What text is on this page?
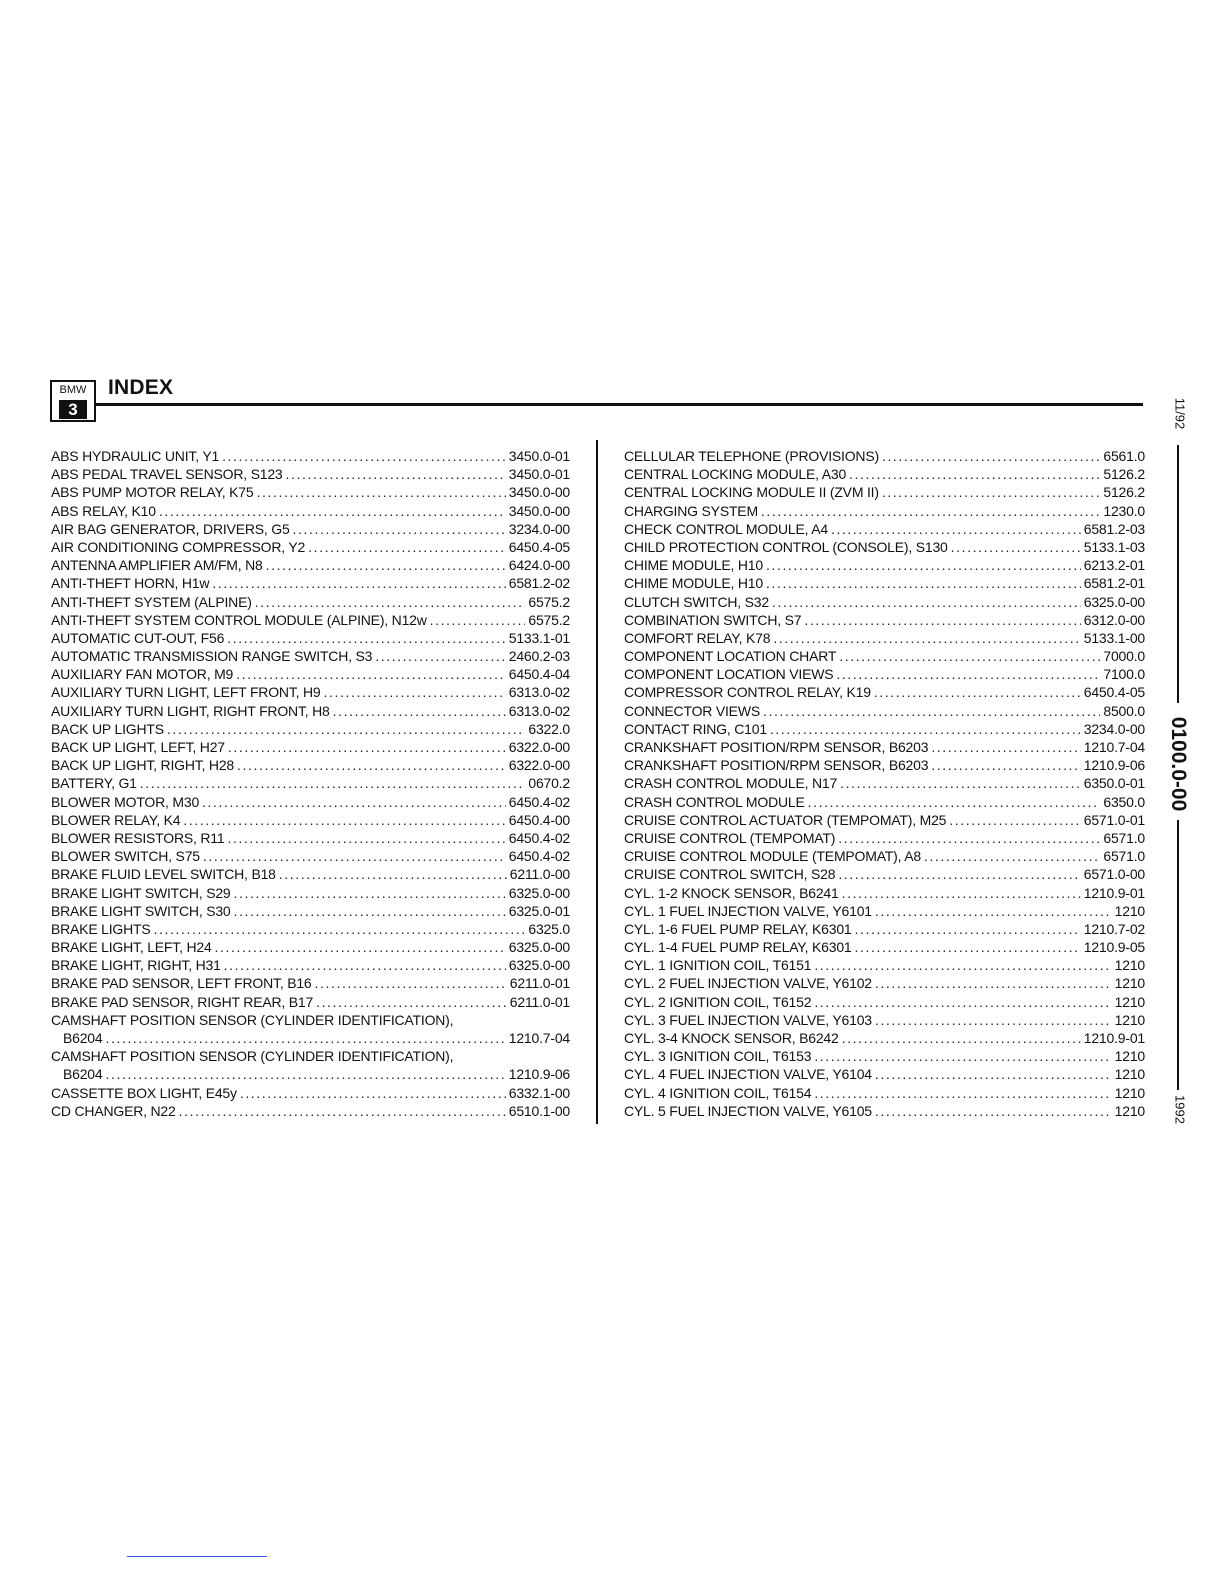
BMW
3
INDEX
ABS HYDRAULIC UNIT, Y1 .....	3450.0-01
ABS PEDAL TRAVEL SENSOR, S123 .....	3450.0-01
ABS PUMP MOTOR RELAY, K75 .....	3450.0-00
ABS RELAY, K10 .....	3450.0-00
AIR BAG GENERATOR, DRIVERS, G5 .....	3234.0-00
AIR CONDITIONING COMPRESSOR, Y2 .....	6450.4-05
ANTENNA AMPLIFIER AM/FM, N8 .....	6424.0-00
ANTI-THEFT HORN, H1w .....	6581.2-02
ANTI-THEFT SYSTEM (ALPINE) .....	6575.2
ANTI-THEFT SYSTEM CONTROL MODULE (ALPINE), N12w .....	6575.2
AUTOMATIC CUT-OUT, F56 .....	5133.1-01
AUTOMATIC TRANSMISSION RANGE SWITCH, S3 .....	2460.2-03
AUXILIARY FAN MOTOR, M9 .....	6450.4-04
AUXILIARY TURN LIGHT, LEFT FRONT, H9 .....	6313.0-02
AUXILIARY TURN LIGHT, RIGHT FRONT, H8 .....	6313.0-02
BACK UP LIGHTS .....	6322.0
BACK UP LIGHT, LEFT, H27 .....	6322.0-00
BACK UP LIGHT, RIGHT, H28 .....	6322.0-00
BATTERY, G1 .....	0670.2
BLOWER MOTOR, M30 .....	6450.4-02
BLOWER RELAY, K4 .....	6450.4-00
BLOWER RESISTORS, R11 .....	6450.4-02
BLOWER SWITCH, S75 .....	6450.4-02
BRAKE FLUID LEVEL SWITCH, B18 .....	6211.0-00
BRAKE LIGHT SWITCH, S29 .....	6325.0-00
BRAKE LIGHT SWITCH, S30 .....	6325.0-01
BRAKE LIGHTS .....	6325.0
BRAKE LIGHT, LEFT, H24 .....	6325.0-00
BRAKE LIGHT, RIGHT, H31 .....	6325.0-00
BRAKE PAD SENSOR, LEFT FRONT, B16 .....	6211.0-01
BRAKE PAD SENSOR, RIGHT REAR, B17 .....	6211.0-01
CAMSHAFT POSITION SENSOR (CYLINDER IDENTIFICATION),
B6204 .....	1210.7-04
CAMSHAFT POSITION SENSOR (CYLINDER IDENTIFICATION),
B6204 .....	1210.9-06
CASSETTE BOX LIGHT, E45y .....	6332.1-00
CD CHANGER, N22 .....	6510.1-00
CELLULAR TELEPHONE (PROVISIONS) .....	6561.0
CENTRAL LOCKING MODULE, A30 .....	5126.2
CENTRAL LOCKING MODULE II (ZVM II) .....	5126.2
CHARGING SYSTEM .....	1230.0
CHECK CONTROL MODULE, A4 .....	6581.2-03
CHILD PROTECTION CONTROL (CONSOLE), S130 .....	5133.1-03
CHIME MODULE, H10 .....	6213.2-01
CHIME MODULE, H10 .....	6581.2-01
CLUTCH SWITCH, S32 .....	6325.0-00
COMBINATION SWITCH, S7 .....	6312.0-00
COMFORT RELAY, K78 .....	5133.1-00
COMPONENT LOCATION CHART .....	7000.0
COMPONENT LOCATION VIEWS .....	7100.0
COMPRESSOR CONTROL RELAY, K19 .....	6450.4-05
CONNECTOR VIEWS .....	8500.0
CONTACT RING, C101 .....	3234.0-00
CRANKSHAFT POSITION/RPM SENSOR, B6203 .....	1210.7-04
CRANKSHAFT POSITION/RPM SENSOR, B6203 .....	1210.9-06
CRASH CONTROL MODULE, N17 .....	6350.0-01
CRASH CONTROL MODULE .....	6350.0
CRUISE CONTROL ACTUATOR (TEMPOMAT), M25 .....	6571.0-01
CRUISE CONTROL (TEMPOMAT) .....	6571.0
CRUISE CONTROL MODULE (TEMPOMAT), A8 .....	6571.0
CRUISE CONTROL SWITCH, S28 .....	6571.0-00
CYL. 1-2 KNOCK SENSOR, B6241 .....	1210.9-01
CYL. 1 FUEL INJECTION VALVE, Y6101 .....	1210
CYL. 1-6 FUEL PUMP RELAY, K6301 .....	1210.7-02
CYL. 1-4 FUEL PUMP RELAY, K6301 .....	1210.9-05
CYL. 1 IGNITION COIL, T6151 .....	1210
CYL. 2 FUEL INJECTION VALVE, Y6102 .....	1210
CYL. 2 IGNITION COIL, T6152 .....	1210
CYL. 3 FUEL INJECTION VALVE, Y6103 .....	1210
CYL. 3-4 KNOCK SENSOR, B6242 .....	1210.9-01
CYL. 3 IGNITION COIL, T6153 .....	1210
CYL. 4 FUEL INJECTION VALVE, Y6104 .....	1210
CYL. 4 IGNITION COIL, T6154 .....	1210
CYL. 5 FUEL INJECTION VALVE, Y6105 .....	1210
11/92
0100.0-00
1992
